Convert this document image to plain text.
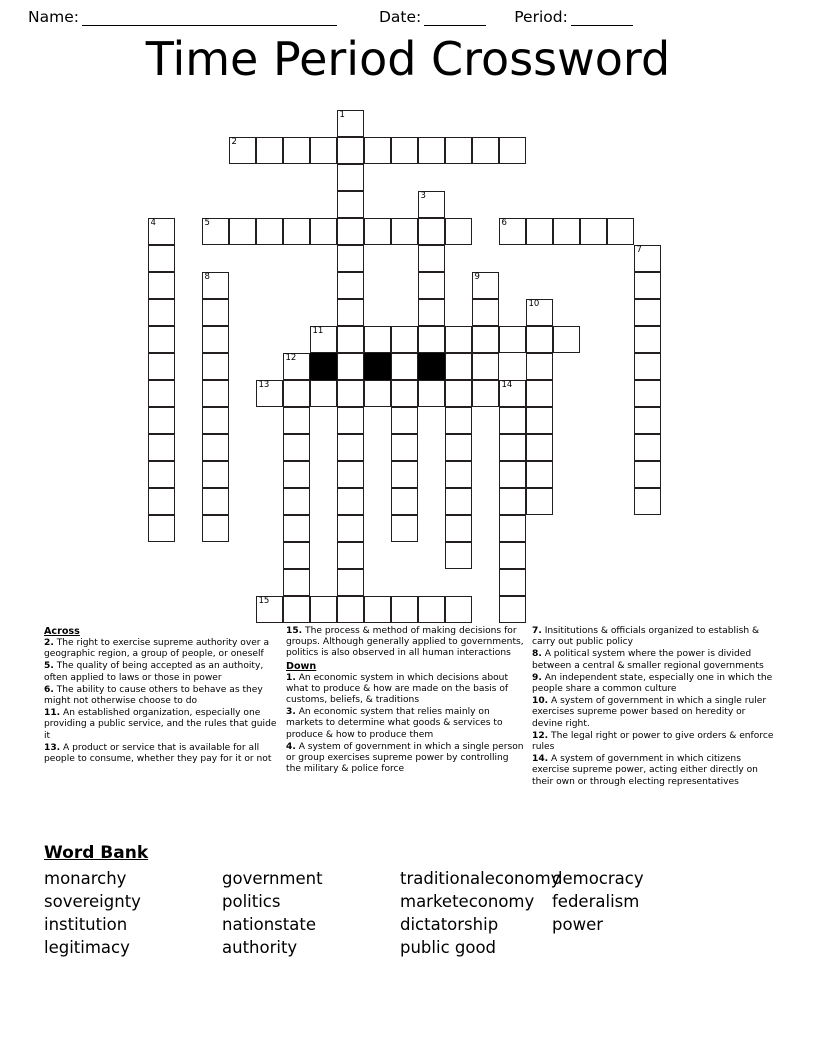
Name:	Date:	Period:
Time Period Crossword
1
2
3
4	5	6
7
8	9
10
11
12
13	14
15
Across
2. The right to exercise supreme authority over a geographic region, a group of people, or oneself
5. The quality of being accepted as an authoity, often applied to laws or those in power
6. The ability to cause others to behave as they might not otherwise choose to do
11. An established organization, especially one providing a public service, and the rules that guide it
13. A product or service that is available for all people to consume, whether they pay for it or not
15. The process & method of making decisions for groups. Although generally applied to governments, politics is also observed in all human interactions
Down
1. An economic system in which decisions about what to produce & how are made on the basis of customs, beliefs, & traditions
3. An economic system that relies mainly on markets to determine what goods & services to produce & how to produce them
4. A system of government in which a single person or group exercises supreme power by controlling the military & police force
7. Insititutions & officials organized to establish & carry out public policy
8. A political system where the power is divided between a central & smaller regional governments
9. An independent state, especially one in which the people share a common culture
10. A system of government in which a single ruler exercises supreme power based on heredity or devine right.
12. The legal right or power to give orders & enforce rules
14. A system of government in which citizens exercise supreme power, acting either directly on their own or through electing representatives
Word Bank
monarchy
sovereignty
institution
legitimacy
government
politics
nationstate
authority
traditionaleconomy
marketeconomy
dictatorship
public good
democracy
federalism
power
